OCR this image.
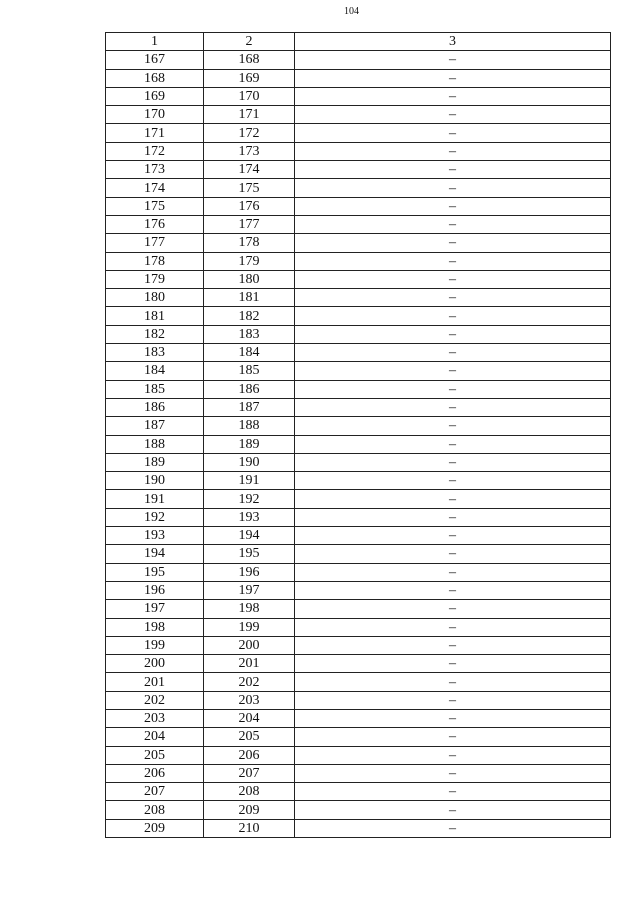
104
1	2	3
167	168	–
168	169	–
169	170	–
170	171	–
171	172	–
172	173	–
173	174	–
174	175	–
175	176	–
176	177	–
177	178	–
178	179	–
179	180	–
180	181	–
181	182	–
182	183	–
183	184	–
184	185	–
185	186	–
186	187	–
187	188	–
188	189	–
189	190	–
190	191	–
191	192	–
192	193	–
193	194	–
194	195	–
195	196	–
196	197	–
197	198	–
198	199	–
199	200	–
200	201	–
201	202	–
202	203	–
203	204	–
204	205	–
205	206	–
206	207	–
207	208	–
208	209	–
209	210	–
